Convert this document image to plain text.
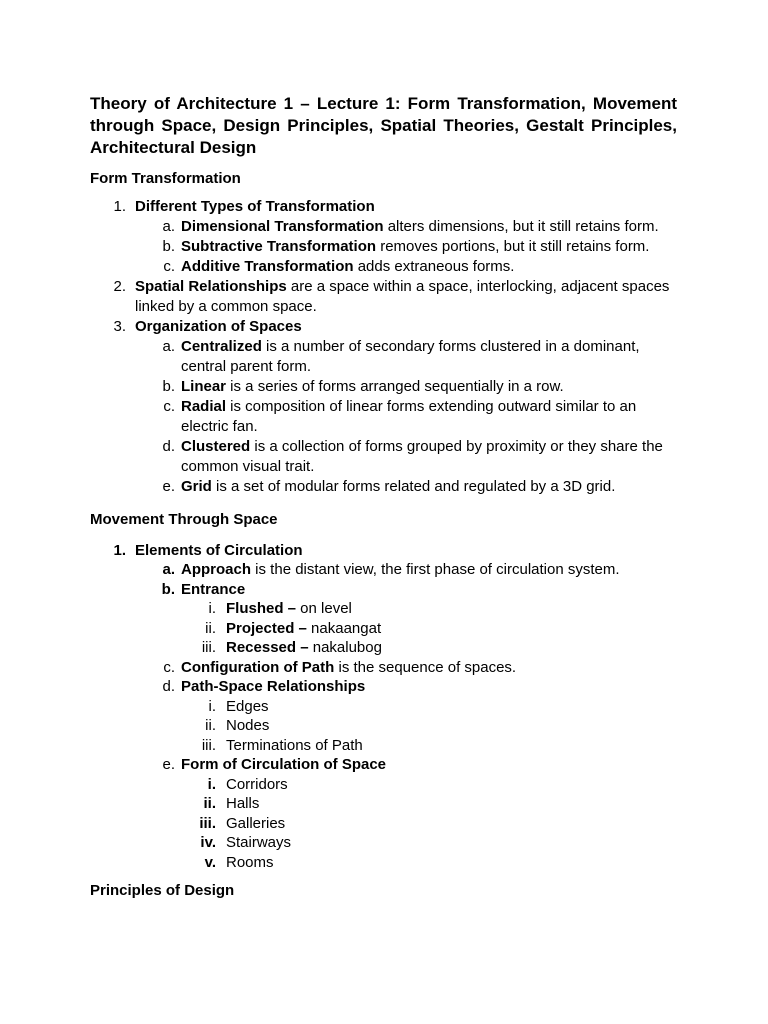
Theory of Architecture 1 – Lecture 1: Form Transformation, Movement through Space, Design Principles, Spatial Theories, Gestalt Principles, Architectural Design

Form Transformation

1. Different Types of Transformation
a. Dimensional Transformation alters dimensions, but it still retains form.
b. Subtractive Transformation removes portions, but it still retains form.
c. Additive Transformation adds extraneous forms.
2. Spatial Relationships are a space within a space, interlocking, adjacent spaces linked by a common space.
3. Organization of Spaces
a. Centralized is a number of secondary forms clustered in a dominant, central parent form.
b. Linear is a series of forms arranged sequentially in a row.
c. Radial is composition of linear forms extending outward similar to an electric fan.
d. Clustered is a collection of forms grouped by proximity or they share the common visual trait.
e. Grid is a set of modular forms related and regulated by a 3D grid.

Movement Through Space

1. Elements of Circulation
a. Approach is the distant view, the first phase of circulation system.
b. Entrance
i. Flushed – on level
ii. Projected – nakaangat
iii. Recessed – nakalubog
c. Configuration of Path is the sequence of spaces.
d. Path-Space Relationships
i. Edges
ii. Nodes
iii. Terminations of Path
e. Form of Circulation of Space
i. Corridors
ii. Halls
iii. Galleries
iv. Stairways
v. Rooms

Principles of Design
